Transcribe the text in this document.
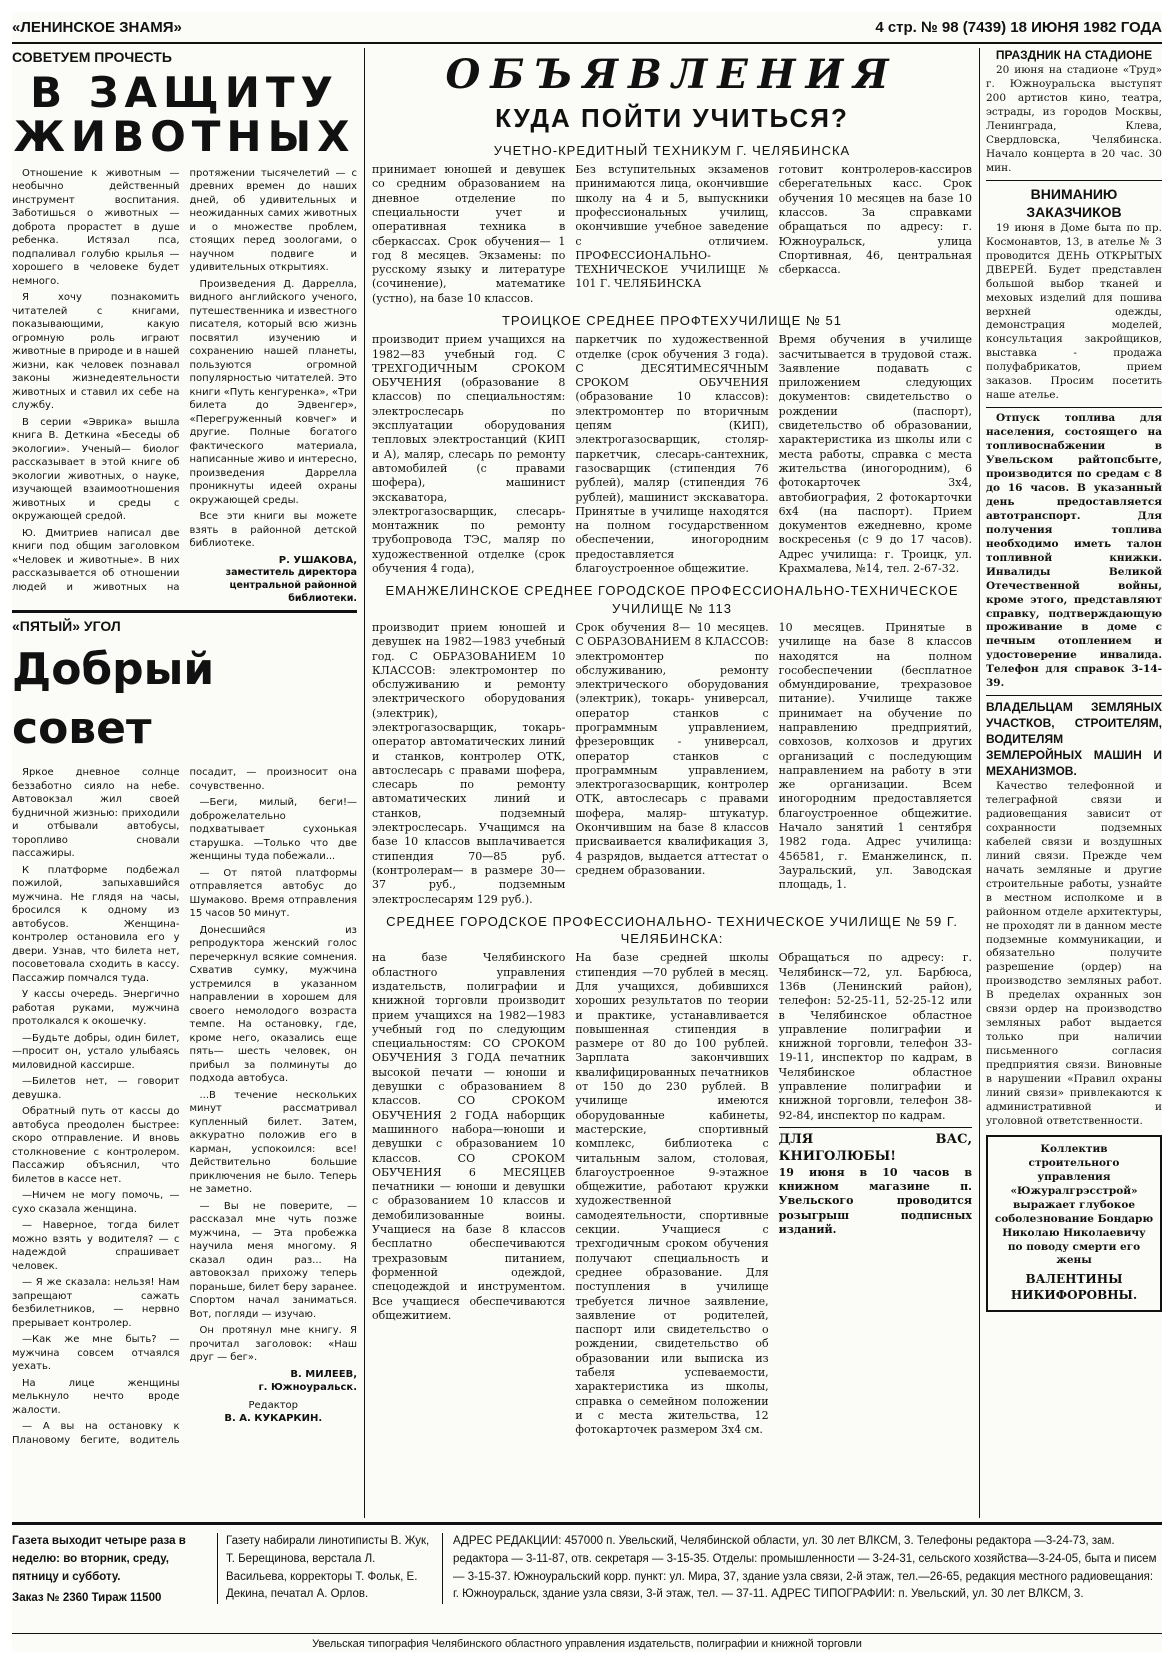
«ЛЕНИНСКОЕ ЗНАМЯ»	4 стр. № 98 (7439) 18 ИЮНЯ 1982 ГОДА
СОВЕТУЕМ ПРОЧЕСТЬ
В ЗАЩИТУ
ЖИВОТНЫХ

Отношение к животным — необычно действенный инструмент воспитания. Заботишься о животных — доброта прорастет в душе ребенка. Истязал пса, подпаливал голубю крылья — хорошего в человеке будет немного.

Я хочу познакомить читателей с книгами, показывающими, какую огромную роль играют животные в природе и в нашей жизни, как человек познавал законы жизнедеятельности животных и ставил их себе на службу.

В серии «Эврика» вышла книга В. Деткина «Беседы об экологии». Ученый— биолог рассказывает в этой книге об экологии животных, о науке, изучающей взаимоотношения животных и среды с окружающей средой.

Ю. Дмитриев написал две книги под общим заголовком «Человек и животные». В них рассказывается об отношении людей и животных на протяжении тысячелетий — с древних времен до наших дней, об удивительных и неожиданных самих животных и о множестве проблем, стоящих перед зоологами, о научном подвиге и удивительных открытиях.

Произведения Д. Даррелла, видного английского ученого, путешественника и известного писателя, который всю жизнь посвятил изучению и сохранению нашей планеты, пользуются огромной популярностью читателей. Это книги «Путь кенгуренка», «Три билета до Эдвенгер», «Перегруженный ковчег» и другие. Полные богатого фактического материала, написанные живо и интересно, произведения Даррелла проникнуты идеей охраны окружающей среды.

Все эти книги вы можете взять в районной детской библиотеке.

Р. УШАКОВА,
заместитель директора центральной районной библиотеки.
«ПЯТЫЙ» УГОЛ
Добрый совет

Яркое дневное солнце беззаботно сияло на небе. Автовокзал жил своей будничной жизнью: приходили и отбывали автобусы, торопливо сновали пассажиры.

К платформе подбежал пожилой, запыхавшийся мужчина. Не глядя на часы, бросился к одному из автобусов. Женщина-контролер остановила его у двери. Узнав, что билета нет, посоветовала сходить в кассу. Пассажир помчался туда.

У кассы очередь. Энергично работая руками, мужчина протолкался к окошечку.

—Будьте добры, один билет,—просит он, устало улыбаясь миловидной кассирше.

—Билетов нет, — говорит девушка.

Обратный путь от кассы до автобуса преодолен быстрее: скоро отправление. И вновь столкновение с контролером. Пассажир объяснил, что билетов в кассе нет.

—Ничем не могу помочь, — сухо сказала женщина.

— Наверное, тогда билет можно взять у водителя? — с надеждой спрашивает человек.

— Я же сказала: нельзя! Нам запрещают сажать безбилетников, — нервно прерывает контролер.

—Как же мне быть? — мужчина совсем отчаялся уехать.

На лице женщины мелькнуло нечто вроде жалости.

— А вы на остановку к Плановому бегите, водитель посадит, — произносит она сочувственно.

—Беги, милый, беги!— доброжелательно подхватывает сухонькая старушка. —Только что две женщины туда побежали...

— От пятой платформы отправляется автобус до Шумаково. Время отправления 15 часов 50 минут.

Донесшийся из репродуктора женский голос перечеркнул всякие сомнения. Схватив сумку, мужчина устремился в указанном направлении в хорошем для своего немолодого возраста темпе. На остановку, где, кроме него, оказались еще пять— шесть человек, он прибыл за полминуты до подхода автобуса.

...В течение нескольких минут рассматривал купленный билет. Затем, аккуратно положив его в карман, успокоился: все! Действительно большие приключения не было. Теперь не заметно.

— Вы не поверите, — рассказал мне чуть позже мужчина, — Эта пробежка научила меня многому. Я сказал один раз... На автовокзал прихожу теперь пораньше, билет беру заранее. Спортом начал заниматься. Вот, погляди — изучаю.

Он протянул мне книгу. Я прочитал заголовок: «Наш друг — бег».

В. МИЛЕЕВ,
г. Южноуральск.
Редактор
В. А. КУКАРКИН.
ОБЪЯВЛЕНИЯ
КУДА ПОЙТИ УЧИТЬСЯ?
УЧЕТНО-КРЕДИТНЫЙ ТЕХНИКУМ Г. ЧЕЛЯБИНСКА
принимает юношей и девушек со средним образованием на дневное отделение по специальности учет и оперативная техника в сберкассах. Срок обучения— 1 год 8 месяцев. Экзамены: по русскому языку и литературе (сочинение), математике (устно), на базе 10 классов.
Без вступительных экзаменов принимаются лица, окончившие школу на 4 и 5, выпускники профессиональных училищ, окончившие учебное заведение с отличием. ПРОФЕССИОНАЛЬНО-ТЕХНИЧЕСКОЕ УЧИЛИЩЕ № 101 Г. ЧЕЛЯБИНСКА
готовит контролеров-кассиров сберегательных касс. Срок обучения 10 месяцев на базе 10 классов. За справками обращаться по адресу: г. Южноуральск, улица Спортивная, 46, центральная сберкасса.
ТРОИЦКОЕ СРЕДНЕЕ ПРОФТЕХУЧИЛИЩЕ № 51
производит прием учащихся на 1982—83 учебный год. С ТРЕХГОДИЧНЫМ СРОКОМ ОБУЧЕНИЯ (образование 8 классов) по специальностям: электрослесарь по эксплуатации оборудования тепловых электростанций (КИП и А), маляр, слесарь по ремонту автомобилей (с правами шофера), машинист экскаватора, электрогазосварщик, слесарь-монтажник по ремонту трубопровода ТЭС, маляр по художественной отделке (срок обучения 4 года),
паркетчик по художественной отделке (срок обучения 3 года). С ДЕСЯТИМЕСЯЧНЫМ СРОКОМ ОБУЧЕНИЯ (образование 10 классов): электромонтер по вторичным цепям (КИП), электрогазосварщик, столяр-паркетчик, слесарь-сантехник, газосварщик (стипендия 76 рублей), маляр (стипендия 76 рублей), машинист экскаватора. Принятые в училище находятся на полном государственном обеспечении, иногородним предоставляется благоустроенное общежитие.
Время обучения в училище засчитывается в трудовой стаж. Заявление подавать с приложением следующих документов: свидетельство о рождении (паспорт), свидетельство об образовании, характеристика из школы или с места работы, справка с места жительства (иногородним), 6 фотокарточек 3х4, автобиография, 2 фотокарточки 6х4 (на паспорт). Прием документов ежедневно, кроме воскресенья (с 9 до 17 часов). Адрес училища: г. Троицк, ул. Крахмалева, №14, тел. 2-67-32.
ЕМАНЖЕЛИНСКОЕ СРЕДНЕЕ ГОРОДСКОЕ ПРОФЕССИОНАЛЬНО-ТЕХНИЧЕСКОЕ УЧИЛИЩЕ № 113
производит прием юношей и девушек на 1982—1983 учебный год. С ОБРАЗОВАНИЕМ 10 КЛАССОВ: электромонтер по обслуживанию и ремонту электрического оборудования (электрик), электрогазосварщик, токарь- оператор автоматических линий и станков, контролер ОТК, автослесарь с правами шофера, слесарь по ремонту автоматических линий и станков, подземный электрослесарь. Учащимся на базе 10 классов выплачивается стипендия 70—85 руб. (контролерам— в размере 30—37 руб., подземным электрослесарям 129 руб.).
Срок обучения 8— 10 месяцев. С ОБРАЗОВАНИЕМ 8 КЛАССОВ: электромонтер по обслуживанию, ремонту электрического оборудования (электрик), токарь- универсал, оператор станков с программным управлением, фрезеровщик - универсал, оператор станков с программным управлением, электрогазосварщик, контролер ОТК, автослесарь с правами шофера, маляр- штукатур. Окончившим на базе 8 классов присваивается квалификация 3, 4 разрядов, выдается аттестат о среднем образовании.
10 месяцев. Принятые в училище на базе 8 классов находятся на полном гособеспечении (бесплатное обмундирование, трехразовое питание). Училище также принимает на обучение по направлению предприятий, совхозов, колхозов и других организаций с последующим направлением на работу в эти же организации. Всем иногородним предоставляется благоустроенное общежитие. Начало занятий 1 сентября 1982 года. Адрес училища: 456581, г. Еманжелинск, п. Зауральский, ул. Заводская площадь, 1.
СРЕДНЕЕ ГОРОДСКОЕ ПРОФЕССИОНАЛЬНО- ТЕХНИЧЕСКОЕ УЧИЛИЩЕ № 59 Г. ЧЕЛЯБИНСКА:
на базе Челябинского областного управления издательств, полиграфии и книжной торговли производит прием учащихся на 1982—1983 учебный год по следующим специальностям: СО СРОКОМ ОБУЧЕНИЯ 3 ГОДА печатник высокой печати — юноши и девушки с образованием 8 классов. СО СРОКОМ ОБУЧЕНИЯ 2 ГОДА наборщик машинного набора—юноши и девушки с образованием 10 классов. СО СРОКОМ ОБУЧЕНИЯ 6 МЕСЯЦЕВ печатники — юноши и девушки с образованием 10 классов и демобилизованные воины. Учащиеся на базе 8 классов бесплатно обеспечиваются трехразовым питанием, форменной одеждой, спецодеждой и инструментом. Все учащиеся обеспечиваются общежитием.
На базе средней школы стипендия —70 рублей в месяц. Для учащихся, добившихся хороших результатов по теории и практике, устанавливается повышенная стипендия в размере от 80 до 100 рублей. Зарплата закончивших квалифицированных печатников от 150 до 230 рублей. В училище имеются оборудованные кабинеты, мастерские, спортивный комплекс, библиотека с читальным залом, столовая, благоустроенное 9-этажное общежитие, работают кружки художественной самодеятельности, спортивные секции. Учащиеся с трехгодичным сроком обучения получают специальность и среднее образование. Для поступления в училище требуется личное заявление, заявление от родителей, паспорт или свидетельство о рождении, свидетельство об образовании или выписка из табеля успеваемости, характеристика из школы, справка о семейном положении и с места жительства, 12 фотокарточек размером 3х4 см.
Обращаться по адресу: г. Челябинск—72, ул. Барбюса, 136в (Ленинский район), телефон: 52-25-11, 52-25-12 или в Челябинское областное управление полиграфии и книжной торговли, телефон 33-19-11, инспектор по кадрам, в Челябинское областное управление полиграфии и книжной торговли, телефон 38-92-84, инспектор по кадрам.
ДЛЯ ВАС, КНИГОЛЮБЫ!
19 июня в 10 часов в книжном магазине п. Увельского проводится розыгрыш подписных изданий.
ПРАЗДНИК НА СТАДИОНЕ

20 июня на стадионе «Труд» г. Южноуральска выступят 200 артистов кино, театра, эстрады, из городов Москвы, Ленинграда, Клева, Свердловска, Челябинска. Начало концерта в 20 час. 30 мин.

ВНИМАНИЮ ЗАКАЗЧИКОВ

19 июня в Доме быта по пр. Космонавтов, 13, в ателье № 3 проводится ДЕНЬ ОТКРЫТЫХ ДВЕРЕЙ. Будет представлен большой выбор тканей и меховых изделий для пошива верхней одежды, демонстрация моделей, консультация закройщиков, выставка - продажа полуфабрикатов, прием заказов. Просим посетить наше ателье.

Отпуск топлива для населения, состоящего на топливоснабжении в Увельском райтопсбыте, производится по средам с 8 до 16 часов. В указанный день предоставляется автотранспорт. Для получения топлива необходимо иметь талон топливной книжки. Инвалиды Великой Отечественной войны, кроме этого, представляют справку, подтверждающую проживание в доме с печным отоплением и удостоверение инвалида. Телефон для справок 3-14-39.

ВЛАДЕЛЬЦАМ ЗЕМЛЯНЫХ УЧАСТКОВ, СТРОИТЕЛЯМ, ВОДИТЕЛЯМ ЗЕМЛЕРОЙНЫХ МАШИН И МЕХАНИЗМОВ.

Качество телефонной и телеграфной связи и радиовещания зависит от сохранности подземных кабелей связи и воздушных линий связи. Прежде чем начать земляные и другие строительные работы, узнайте в местном исполкоме и в районном отделе архитектуры, не проходят ли в данном месте подземные коммуникации, и обязательно получите разрешение (ордер) на производство земляных работ. В пределах охранных зон связи ордер на производство земляных работ выдается только при наличии письменного согласия предприятия связи. Виновные в нарушении «Правил охраны линий связи» привлекаются к административной и уголовной ответственности.

Коллектив строительного управления «Южуралгрэсстрой» выражает глубокое соболезнование Бондарю Николаю Николаевичу по поводу смерти его жены
ВАЛЕНТИНЫ НИКИФОРОВНЫ.
Газета выходит четыре раза в неделю: во вторник, среду, пятницу и субботу.
Заказ № 2360 Тираж 11500
Газету набирали линотиписты В. Жук, Т. Берещинова, верстала Л. Васильева, корректоры Т. Фольк, Е. Декина, печатал А. Орлов.
АДРЕС РЕДАКЦИИ: 457000 п. Увельский, Челябинской области, ул. 30 лет ВЛКСМ, 3. Телефоны редактора —3-24-73, зам. редактора — 3-11-87, отв. секретаря — 3-15-35. Отделы: промышленности — 3-24-31, сельского хозяйства—3-24-05, быта и писем— 3-15-37. Южноуральский корр. пункт: ул. Мира, 37, здание узла связи, 2-й этаж, тел.—26-65, редакция местного радиовещания: г. Южноуральск, здание узла связи, 3-й этаж, тел. — 37-11. АДРЕС ТИПОГРАФИИ: п. Увельский, ул. 30 лет ВЛКСМ, 3.
Увельская типография Челябинского областного управления издательств, полиграфии и книжной торговли
